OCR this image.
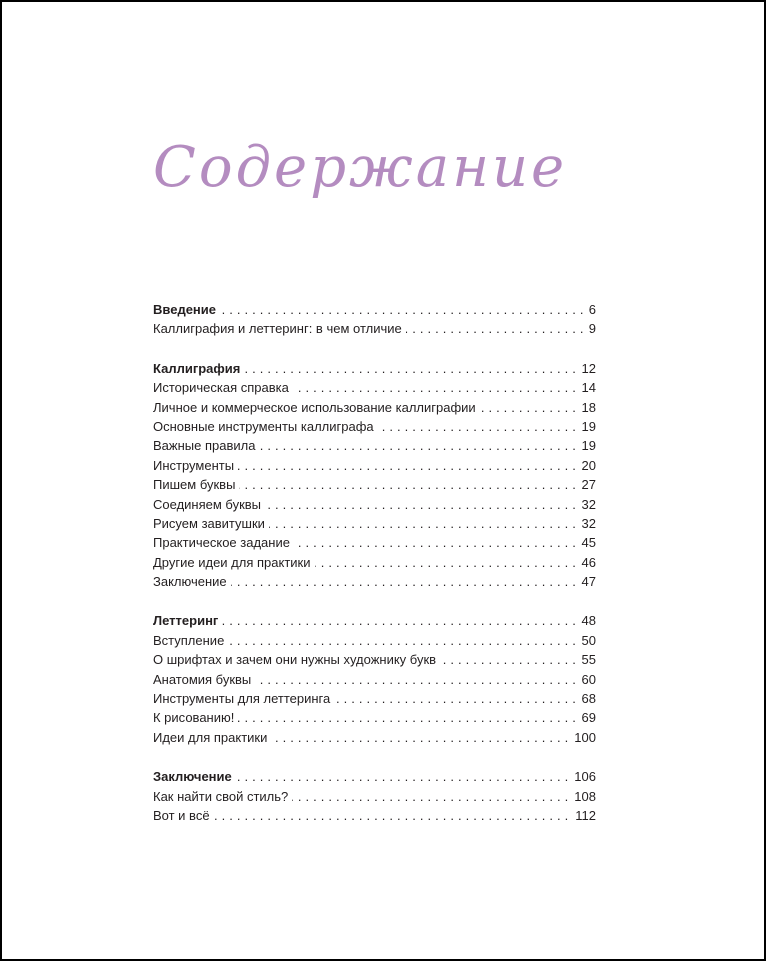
Содержание
. . . Введение	6
. . . Каллиграфия и леттеринг: в чем отличие	9
. . . Каллиграфия	12
. . . Историческая справка	14
. . . Личное и коммерческое использование каллиграфии	18
. . . Основные инструменты каллиграфа	19
. . . Важные правила	19
. . . Инструменты	20
. . . Пишем буквы	27
. . . Соединяем буквы	32
. . . Рисуем завитушки	32
. . . Практическое задание	45
. . . Другие идеи для практики	46
. . . Заключение	47
. . . Леттеринг	48
. . . Вступление	50
. . . О шрифтах и зачем они нужны художнику букв	55
. . . Анатомия буквы	60
. . . Инструменты для леттеринга	68
. . . К рисованию!	69
. . . Идеи для практики	100
. . . Заключение	106
. . . Как найти свой стиль?	108
. . . Вот и всё	112
